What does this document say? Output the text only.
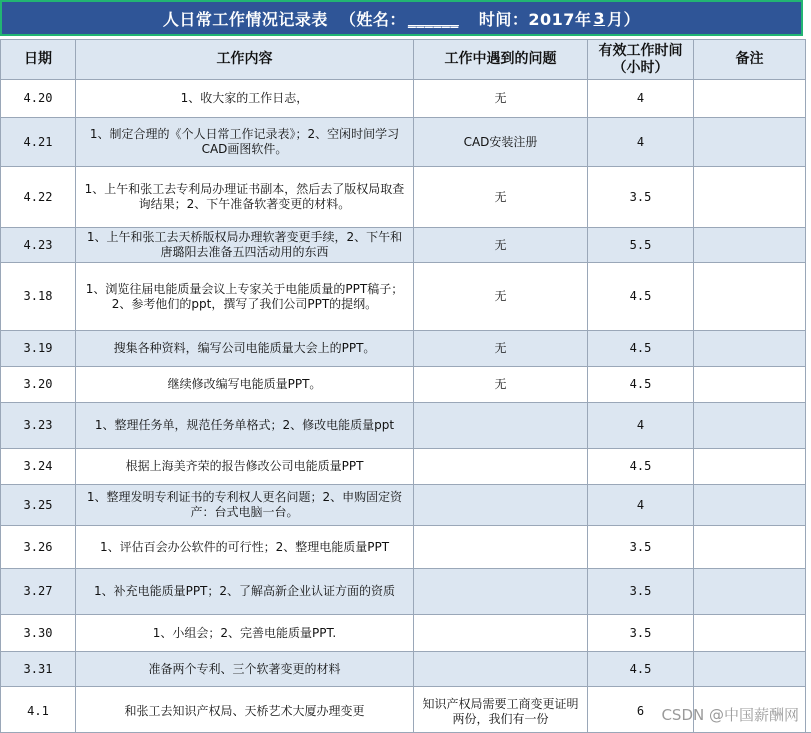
人日常工作情况记录表 （姓名： ______ 时间：2017年 3 月）
日期	工作内容	工作中遇到的问题	有效工作时间（小时）	备注
4.20	1、收大家的工作日志，	无	4	
4.21	1、制定合理的《个人日常工作记录表》；2、空闲时间学习CAD画图软件。	CAD安装注册	4	
4.22	1、上午和张工去专利局办理证书副本，然后去了版权局取查询结果；2、下午准备软著变更的材料。	无	3.5	
4.23	1、上午和张工去天桥版权局办理软著变更手续，2、下午和唐璐阳去准备五四活动用的东西	无	5.5	
3.18	1、浏览往届电能质量会议上专家关于电能质量的PPT稿子；2、参考他们的ppt，撰写了我们公司PPT的提纲。	无	4.5	
3.19	搜集各种资料，编写公司电能质量大会上的PPT。	无	4.5	
3.20	继续修改编写电能质量PPT。	无	4.5	
3.23	1、整理任务单，规范任务单格式；2、修改电能质量ppt		4	
3.24	根据上海美齐荣的报告修改公司电能质量PPT		4.5	
3.25	1、整理发明专利证书的专利权人更名问题；2、申购固定资产：台式电脑一台。		4	
3.26	1、评估百会办公软件的可行性；2、整理电能质量PPT		3.5	
3.27	1、补充电能质量PPT；2、了解高新企业认证方面的资质		3.5	
3.30	1、小组会；2、完善电能质量PPT.		3.5	
3.31	准备两个专利、三个软著变更的材料		4.5	
4.1	和张工去知识产权局、天桥艺术大厦办理变更	知识产权局需要工商变更证明两份，我们有一份	6	CSDN @中国薪酬网
